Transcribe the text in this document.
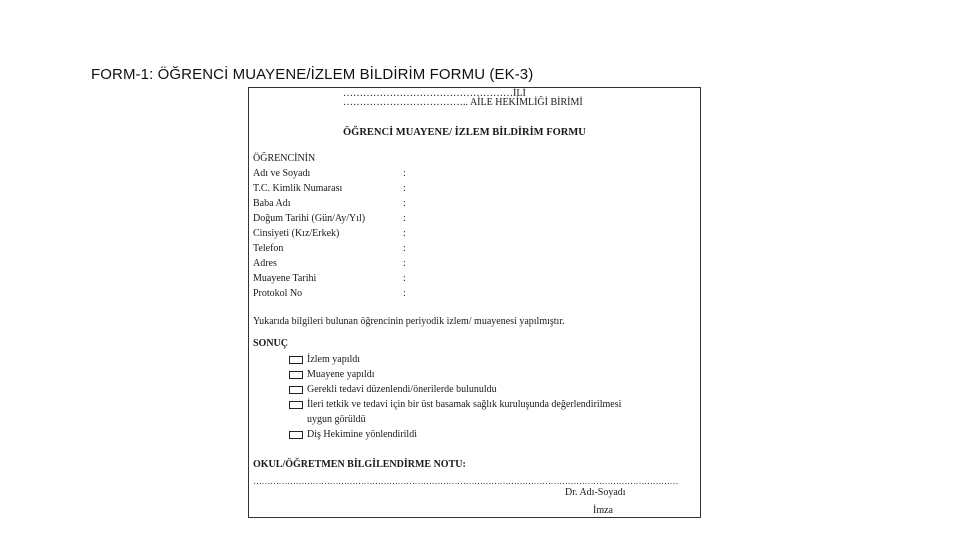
FORM-1: ÖĞRENCİ MUAYENE/İZLEM BİLDİRİM FORMU (EK-3)
……………………………………………İLİ
……………………………….. AİLE HEKİMLİĞİ BİRİMİ
ÖĞRENCİ MUAYENE/ İZLEM BİLDİRİM FORMU
ÖĞRENCİNİN
Adı ve Soyadı	:
T.C. Kimlik Numarası	:
Baba Adı	:
Doğum Tarihi (Gün/Ay/Yıl)	:
Cinsiyeti (Kız/Erkek)	:
Telefon	:
Adres	:
Muayene Tarihi	:
Protokol No	:
Yukarıda bilgileri bulunan öğrencinin periyodik izlem/ muayenesi yapılmıştır.
SONUÇ
İzlem yapıldı
Muayene yapıldı
Gerekli tedavi düzenlendi/önerilerde bulunuldu
İleri tetkik ve tedavi için bir üst basamak sağlık kuruluşunda değerlendirilmesi
uygun görüldü
Diş Hekimine yönlendirildi
OKUL/ÖĞRETMEN BİLGİLENDİRME NOTU:
……………………………………………………………………………………………………………………………………
Dr. Adı-Soyadı
İmza
